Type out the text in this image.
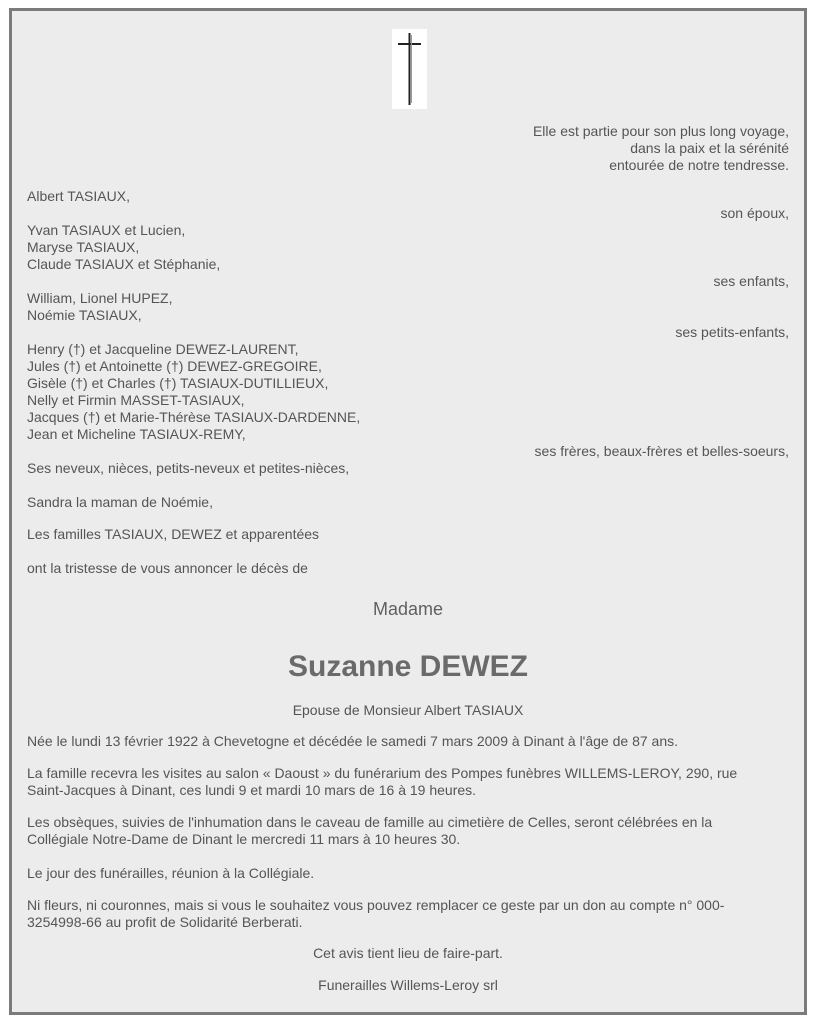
Elle est partie pour son plus long voyage,
dans la paix et la sérénité
entourée de notre tendresse.
Albert TASIAUX,
son époux,
Yvan TASIAUX et Lucien,
Maryse TASIAUX,
Claude TASIAUX et Stéphanie,
ses enfants,
William, Lionel HUPEZ,
Noémie TASIAUX,
ses petits-enfants,
Henry (†) et Jacqueline DEWEZ-LAURENT,
Jules (†) et Antoinette (†) DEWEZ-GREGOIRE,
Gisèle (†) et Charles (†) TASIAUX-DUTILLIEUX,
Nelly et Firmin MASSET-TASIAUX,
Jacques (†) et Marie-Thérèse TASIAUX-DARDENNE,
Jean et Micheline TASIAUX-REMY,
ses frères, beaux-frères et belles-soeurs,
Ses neveux, nièces, petits-neveux et petites-nièces,
Sandra la maman de Noémie,
Les familles TASIAUX, DEWEZ et apparentées
ont la tristesse de vous annoncer le décès de
Madame
Suzanne DEWEZ
Epouse de Monsieur Albert TASIAUX
Née le lundi 13 février 1922 à Chevetogne et décédée le samedi 7 mars 2009 à Dinant à l'âge de 87 ans.
La famille recevra les visites au salon « Daoust » du funérarium des Pompes funèbres WILLEMS-LEROY, 290, rue
Saint-Jacques à Dinant, ces lundi 9 et mardi 10 mars de 16 à 19 heures.
Les obsèques, suivies de l'inhumation dans le caveau de famille au cimetière de Celles, seront célébrées en la
Collégiale Notre-Dame de Dinant le mercredi 11 mars à 10 heures 30.
Le jour des funérailles, réunion à la Collégiale.
Ni fleurs, ni couronnes, mais si vous le souhaitez vous pouvez remplacer ce geste par un don au compte n° 000-
3254998-66 au profit de Solidarité Berberati.
Cet avis tient lieu de faire-part.
Funerailles Willems-Leroy srl
